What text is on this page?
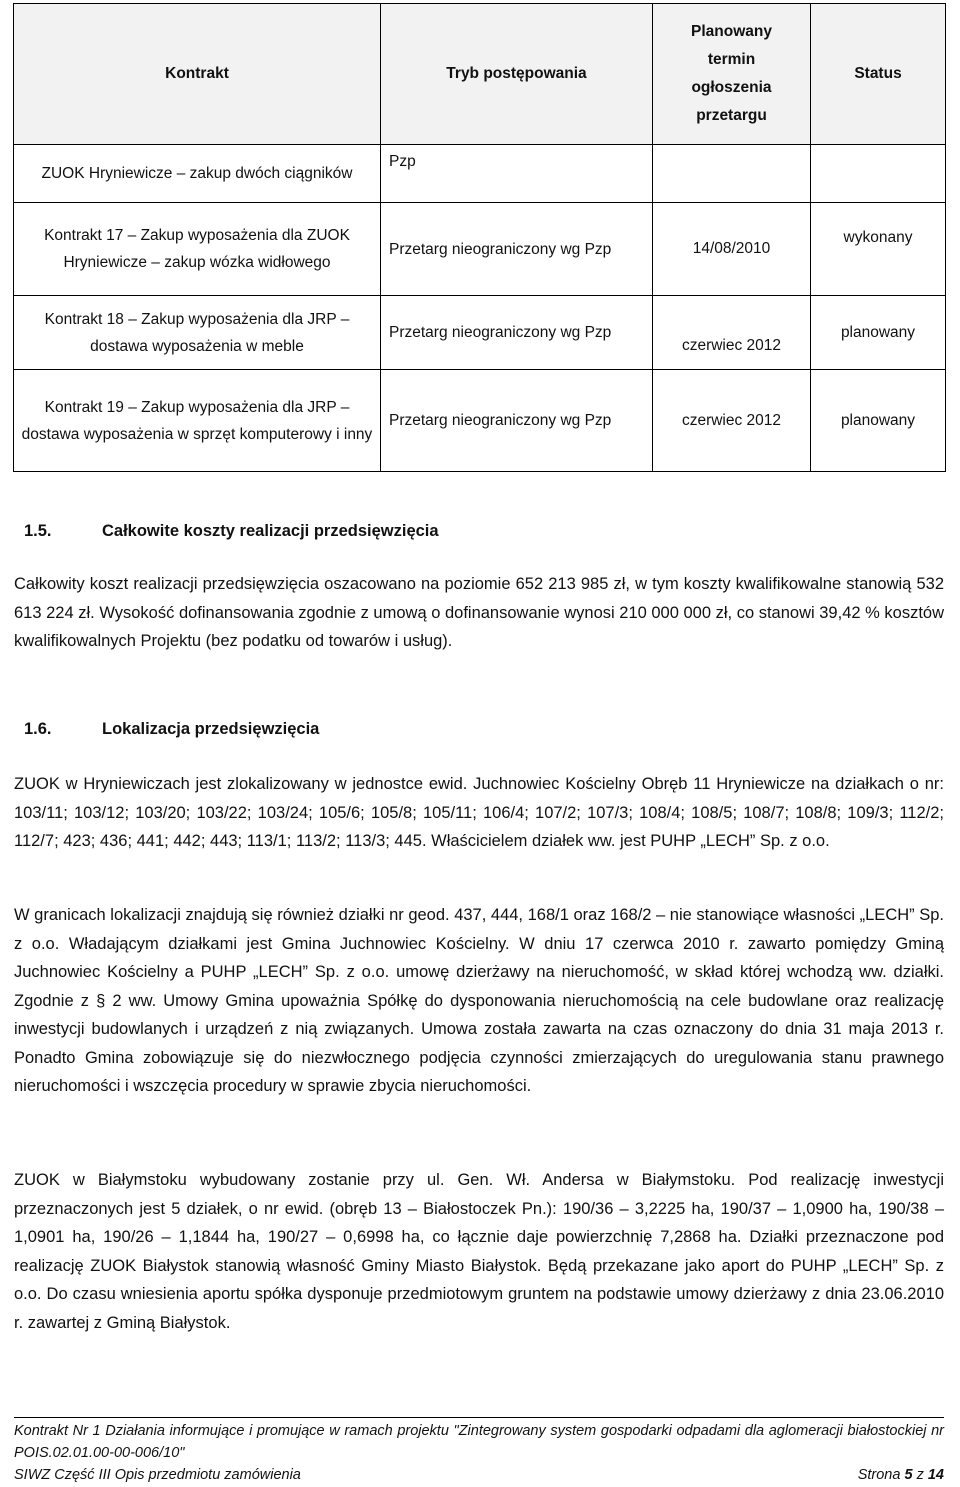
Kontrakt	Tryb postępowania	Planowany termin ogłoszenia przetargu	Status
ZUOK Hryniewicze – zakup dwóch ciągników	Pzp		
Kontrakt 17 – Zakup wyposażenia dla ZUOK Hryniewicze – zakup wózka widłowego	Przetarg nieograniczony wg Pzp	14/08/2010	wykonany
Kontrakt 18 – Zakup wyposażenia dla JRP – dostawa wyposażenia w meble	Przetarg nieograniczony wg Pzp	czerwiec 2012	planowany
Kontrakt 19 – Zakup wyposażenia dla JRP – dostawa wyposażenia w sprzęt komputerowy i inny	Przetarg nieograniczony wg Pzp	czerwiec 2012	planowany
1.5.	Całkowite koszty realizacji przedsięwzięcia
Całkowity koszt realizacji przedsięwzięcia oszacowano na poziomie 652 213 985 zł, w tym koszty kwalifikowalne stanowią 532 613 224 zł. Wysokość dofinansowania zgodnie z umową o dofinansowanie wynosi 210 000 000 zł, co stanowi 39,42 % kosztów kwalifikowalnych Projektu (bez podatku od towarów i usług).
1.6.	Lokalizacja przedsięwzięcia
ZUOK w Hryniewiczach jest zlokalizowany w jednostce ewid. Juchnowiec Kościelny Obręb 11 Hryniewicze na działkach o nr: 103/11; 103/12; 103/20; 103/22; 103/24; 105/6; 105/8; 105/11; 106/4; 107/2; 107/3; 108/4; 108/5; 108/7; 108/8; 109/3; 112/2; 112/7; 423; 436; 441; 442; 443; 113/1; 113/2; 113/3; 445. Właścicielem działek ww. jest PUHP „LECH” Sp. z o.o.
W granicach lokalizacji znajdują się również działki nr geod. 437, 444, 168/1 oraz 168/2 – nie stanowiące własności „LECH” Sp. z o.o. Władającym działkami jest Gmina Juchnowiec Kościelny. W dniu 17 czerwca 2010 r. zawarto pomiędzy Gminą Juchnowiec Kościelny a PUHP „LECH” Sp. z o.o. umowę dzierżawy na nieruchomość, w skład której wchodzą ww. działki. Zgodnie z § 2 ww. Umowy Gmina upoważnia Spółkę do dysponowania nieruchomością na cele budowlane oraz realizację inwestycji budowlanych i urządzeń z nią związanych. Umowa została zawarta na czas oznaczony do dnia 31 maja 2013 r. Ponadto Gmina zobowiązuje się do niezwłocznego podjęcia czynności zmierzających do uregulowania stanu prawnego nieruchomości i wszczęcia procedury w sprawie zbycia nieruchomości.
ZUOK w Białymstoku wybudowany zostanie przy ul. Gen. Wł. Andersa w Białymstoku. Pod realizację inwestycji przeznaczonych jest 5 działek, o nr ewid. (obręb 13 – Białostoczek Pn.): 190/36 – 3,2225 ha, 190/37 – 1,0900 ha, 190/38 – 1,0901 ha, 190/26 – 1,1844 ha, 190/27 – 0,6998 ha, co łącznie daje powierzchnię 7,2868 ha. Działki przeznaczone pod realizację ZUOK Białystok stanowią własność Gminy Miasto Białystok. Będą przekazane jako aport do PUHP „LECH” Sp. z o.o. Do czasu wniesienia aportu spółka dysponuje przedmiotowym gruntem na podstawie umowy dzierżawy z dnia 23.06.2010 r. zawartej z Gminą Białystok.
Kontrakt Nr 1 Działania informujące i promujące w ramach projektu "Zintegrowany system gospodarki odpadami dla aglomeracji białostockiej nr POIS.02.01.00-00-006/10"
SIWZ Część III Opis przedmiotu zamówienia	Strona 5 z 14
